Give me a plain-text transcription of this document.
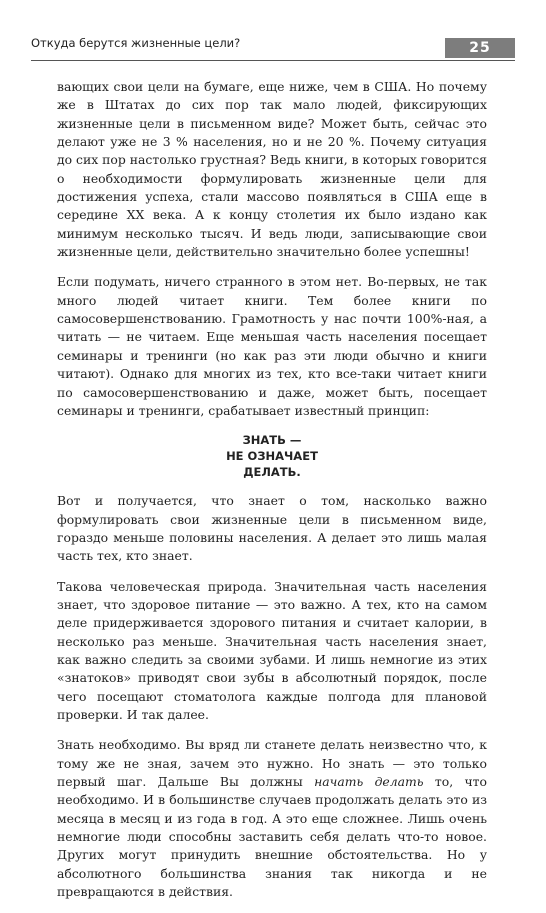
Откуда берутся жизненные цели?	25

вающих свои цели на бумаге, еще ниже, чем в США. Но почему же в Штатах до сих пор так мало людей, фиксирующих жизненные цели в письменном виде? Может быть, сейчас это делают уже не 3 % населения, но и не 20 %. Почему ситуация до сих пор настолько грустная? Ведь книги, в которых говорится о необходимости формулировать жизненные цели для достижения успеха, стали массово появляться в США еще в середине XX века. А к концу столетия их было издано как минимум несколько тысяч. И ведь люди, записывающие свои жизненные цели, действительно значительно более успешны!

Если подумать, ничего странного в этом нет. Во-первых, не так много людей читает книги. Тем более книги по самосовершенствованию. Грамотность у нас почти 100%-ная, а читать — не читаем. Еще меньшая часть населения посещает семинары и тренинги (но как раз эти люди обычно и книги читают). Однако для многих из тех, кто все-таки читает книги по самосовершенствованию и даже, может быть, посещает семинары и тренинги, срабатывает известный принцип:

ЗНАТЬ —
НЕ ОЗНАЧАЕТ
ДЕЛАТЬ.

Вот и получается, что знает о том, насколько важно формулировать свои жизненные цели в письменном виде, гораздо меньше половины населения. А делает это лишь малая часть тех, кто знает.

Такова человеческая природа. Значительная часть населения знает, что здоровое питание — это важно. А тех, кто на самом деле придерживается здорового питания и считает калории, в несколько раз меньше. Значительная часть населения знает, как важно следить за своими зубами. И лишь немногие из этих «знатоков» приводят свои зубы в абсолютный порядок, после чего посещают стоматолога каждые полгода для плановой проверки. И так далее.

Знать необходимо. Вы вряд ли станете делать неизвестно что, к тому же не зная, зачем это нужно. Но знать — это только первый шаг. Дальше Вы должны начать делать то, что необходимо. И в большинстве случаев продолжать делать это из месяца в месяц и из года в год. А это еще сложнее. Лишь очень немногие люди способны заставить себя делать что-то новое. Других могут принудить внешние обстоятельства. Но у абсолютного большинства знания так никогда и не превращаются в действия.
